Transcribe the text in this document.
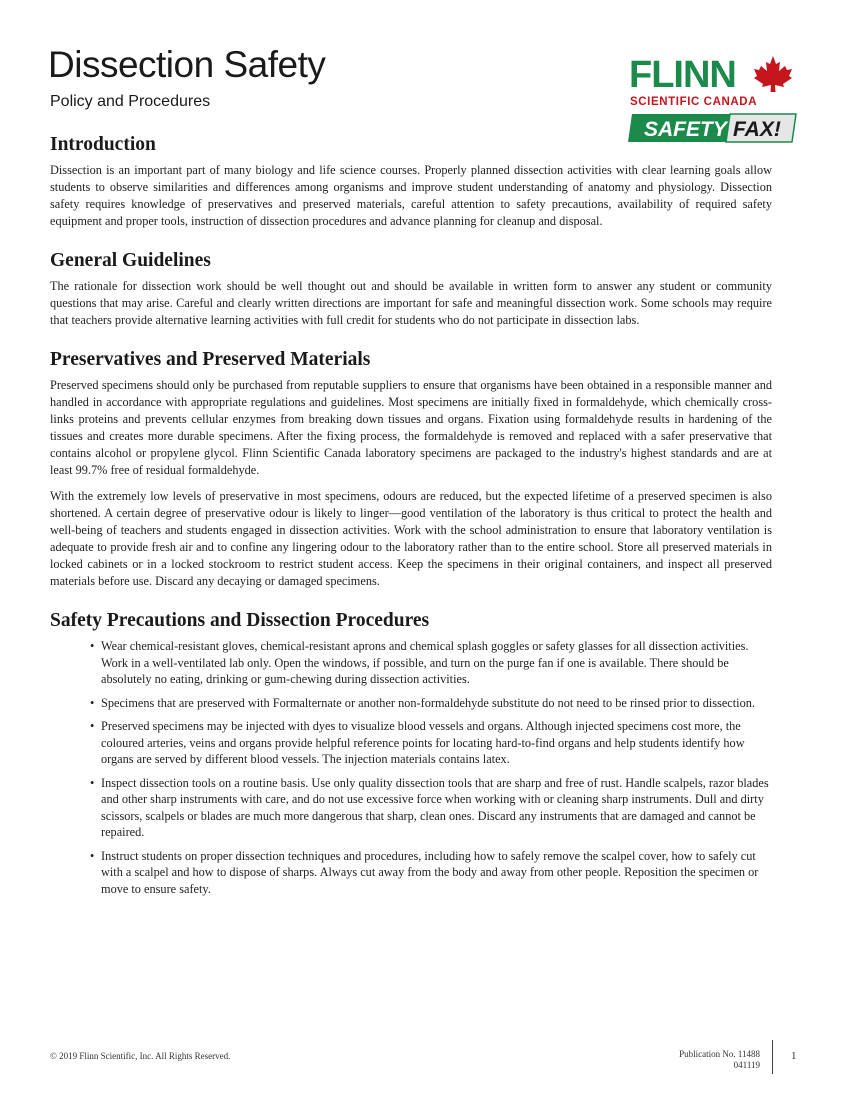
Dissection Safety
Policy and Procedures
FLINN
SCIENTIFIC CANADA
SAFETY FAX!
Introduction

Dissection is an important part of many biology and life science courses. Properly planned dissection activities with clear learning goals allow students to observe similarities and differences among organisms and improve student understanding of anatomy and physiology. Dissection safety requires knowledge of preservatives and preserved materials, careful attention to safety precautions, availability of required safety equipment and proper tools, instruction of dissection procedures and advance planning for cleanup and disposal.

General Guidelines

The rationale for dissection work should be well thought out and should be available in written form to answer any student or community questions that may arise. Careful and clearly written directions are important for safe and meaningful dissection work. Some schools may require that teachers provide alternative learning activities with full credit for students who do not participate in dissection labs.

Preservatives and Preserved Materials

Preserved specimens should only be purchased from reputable suppliers to ensure that organisms have been obtained in a responsible manner and handled in accordance with appropriate regulations and guidelines. Most specimens are initially fixed in formaldehyde, which chemically cross-links proteins and prevents cellular enzymes from breaking down tissues and organs. Fixation using formaldehyde results in hardening of the tissues and creates more durable specimens. After the fixing process, the formaldehyde is removed and replaced with a safer preservative that contains alcohol or propylene glycol. Flinn Scientific Canada laboratory specimens are packaged to the industry's highest standards and are at least 99.7% free of residual formaldehyde.

With the extremely low levels of preservative in most specimens, odours are reduced, but the expected lifetime of a preserved specimen is also shortened. A certain degree of preservative odour is likely to linger—good ventilation of the laboratory is thus critical to protect the health and well-being of teachers and students engaged in dissection activities. Work with the school administration to ensure that laboratory ventilation is adequate to provide fresh air and to confine any lingering odour to the laboratory rather than to the entire school. Store all preserved materials in locked cabinets or in a locked stockroom to restrict student access. Keep the specimens in their original containers, and inspect all preserved materials before use. Discard any decaying or damaged specimens.

Safety Precautions and Dissection Procedures
• Wear chemical-resistant gloves, chemical-resistant aprons and chemical splash goggles or safety glasses for all dissection activities. Work in a well-ventilated lab only. Open the windows, if possible, and turn on the purge fan if one is available. There should be absolutely no eating, drinking or gum-chewing during dissection activities.
• Specimens that are preserved with Formalternate or another non-formaldehyde substitute do not need to be rinsed prior to dissection.
• Preserved specimens may be injected with dyes to visualize blood vessels and organs. Although injected specimens cost more, the coloured arteries, veins and organs provide helpful reference points for locating hard-to-find organs and help students identify how organs are served by different blood vessels. The injection materials contains latex.
• Inspect dissection tools on a routine basis. Use only quality dissection tools that are sharp and free of rust. Handle scalpels, razor blades and other sharp instruments with care, and do not use excessive force when working with or cleaning sharp instruments. Dull and dirty scissors, scalpels or blades are much more dangerous that sharp, clean ones. Discard any instruments that are damaged and cannot be repaired.
• Instruct students on proper dissection techniques and procedures, including how to safely remove the scalpel cover, how to safely cut with a scalpel and how to dispose of sharps. Always cut away from the body and away from other people. Reposition the specimen or move to ensure safety.
© 2019 Flinn Scientific, Inc. All Rights Reserved.	Publication No. 11488
041119
1
